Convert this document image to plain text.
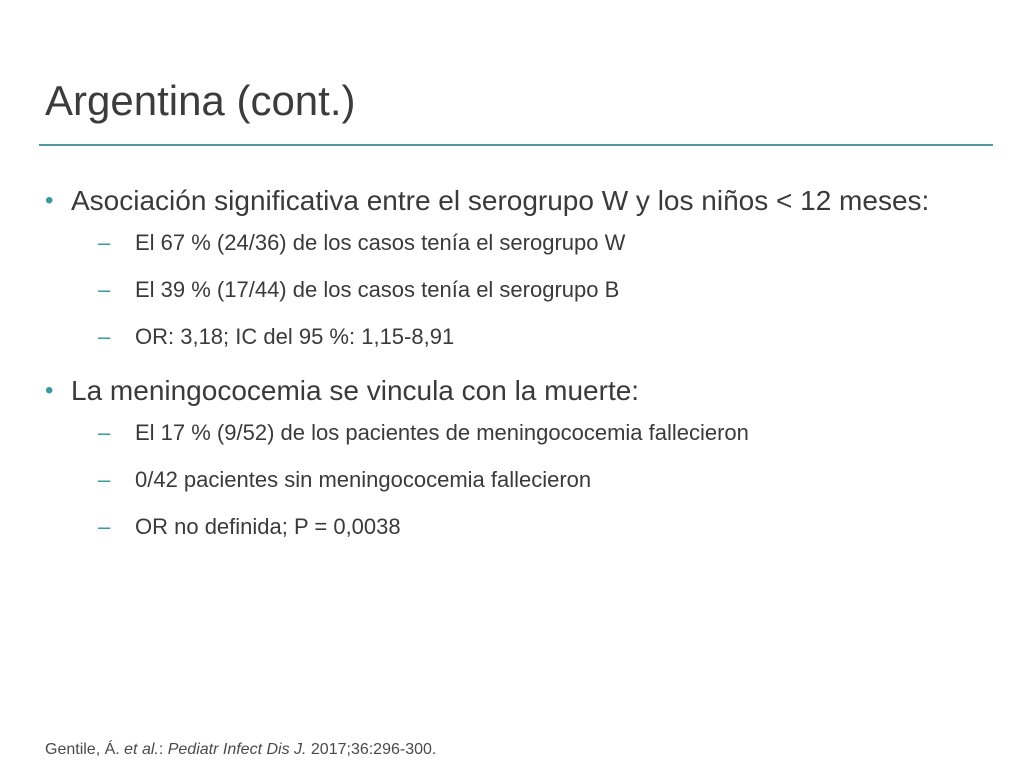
Argentina (cont.)
• Asociación significativa entre el serogrupo W y los niños < 12 meses:
– El 67 % (24/36) de los casos tenía el serogrupo W
– El 39 % (17/44) de los casos tenía el serogrupo B
– OR: 3,18; IC del 95 %: 1,15-8,91
• La meningococemia se vincula con la muerte:
– El 17 % (9/52) de los pacientes de meningococemia fallecieron
– 0/42 pacientes sin meningococemia fallecieron
– OR no definida; P = 0,0038
Gentile, Á. et al.: Pediatr Infect Dis J. 2017;36:296-300.
